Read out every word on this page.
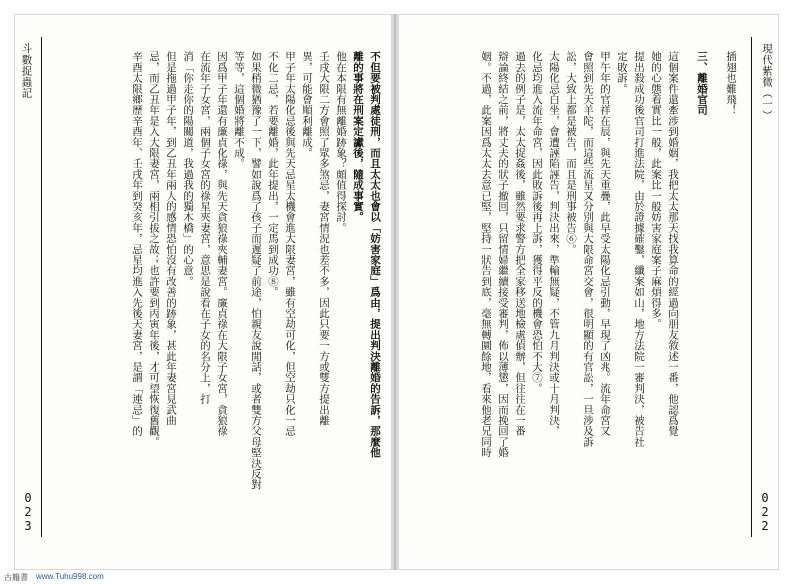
斗數捉蟲記
023

不但要被判處徒刑，而且太太也會以「妨害家庭」爲由，提出判決離婚的告訴，那麼他

離的事將在刑案定讞後，隨成事實。

他在本限有無離婚跡象？頗值得探討。

壬戌大限二方會照了眾多煞忌，妻宮情況也差不多，因此只要一方或雙方提出離

異，可能會順利離成。

甲子年太陽化忌後與先天忌星太機會進大限妻宮，雖有空劫可化，但空劫只化一忌

不化二忌，若要離婚，此年提出，一定馬到成功⑧。

如果稍微猶豫了一下，譬如說爲了孩子而遲疑了前途，怕親友說閒話，或者雙方父母堅決反對

等等，這個婚將離不成。

因爲甲子年還有廉貞化祿，與先天貪狼祿夾輔妻宮。廉貞祿在大限子女宮，貪狼祿

在流年子女宮，兩個子女宮的祿星夾妻宮，意思是說看在子女的名分上，打

消「你走你的陽關道，我過我的獨木橋」的心意。

但是拖過甲子年，到乙丑年兩人的感情恐怕沒有改善的跡象，甚此年妻宮見武曲

忌，而乙丑年是入大限妻宮，兩相引拔之故；也許要到丙寅年後，才可望恢復舊觀。

辛酉太限鄉歷辛酉年、壬戌年到癸亥年，忌星均進入先後天妻宮，是謂「連忌」的	現代紫微（一）
022

插翅也難飛！

三、離婚官司

這個案件還牽涉到婚姻，我把太太那天找我算命的經過向朋友敘述一番，他認爲覺

她的心態着實比一般，此案比一般妨害家庭案子麻煩得多。

提出殺成功後官司打進法院，由於證據確鑿，纖案如山，地方法院一審判決，被告社

定敗訴。

甲午年的官祥在辰，與先天重疊，此早受太陽化忌引動，早現了凶兆。流年命宮又

會照到先天羊陀，而這些流星又分別與大限命宮交會，很明顯的有官訟，一旦涉及訴

訟，大致上都是被告，而且是刑事被告⑥。

太陽化忌白坐，會遭誣陷誣告，判決出來，準輸無疑，不管九月判決或十月判決，

化忌均進入流年命宮，因此敗訴後再上訴，獲得平反的機會恐怕不大⑦。

過去的例子是，太太捉姦後，雖然要求警方把全家移送地檢處偵辦，但往往在一番

辯論終結之前，將丈夫的狀子撤回，只留情婦繼續接受審判，佈以薄懲，因而挽回了婚

姻。不過，此案因爲太太去意已堅，堅持一狀告到底，毫無轉圜餘地，看來他老兄同時

古籍書 www.Tuhu998.com
